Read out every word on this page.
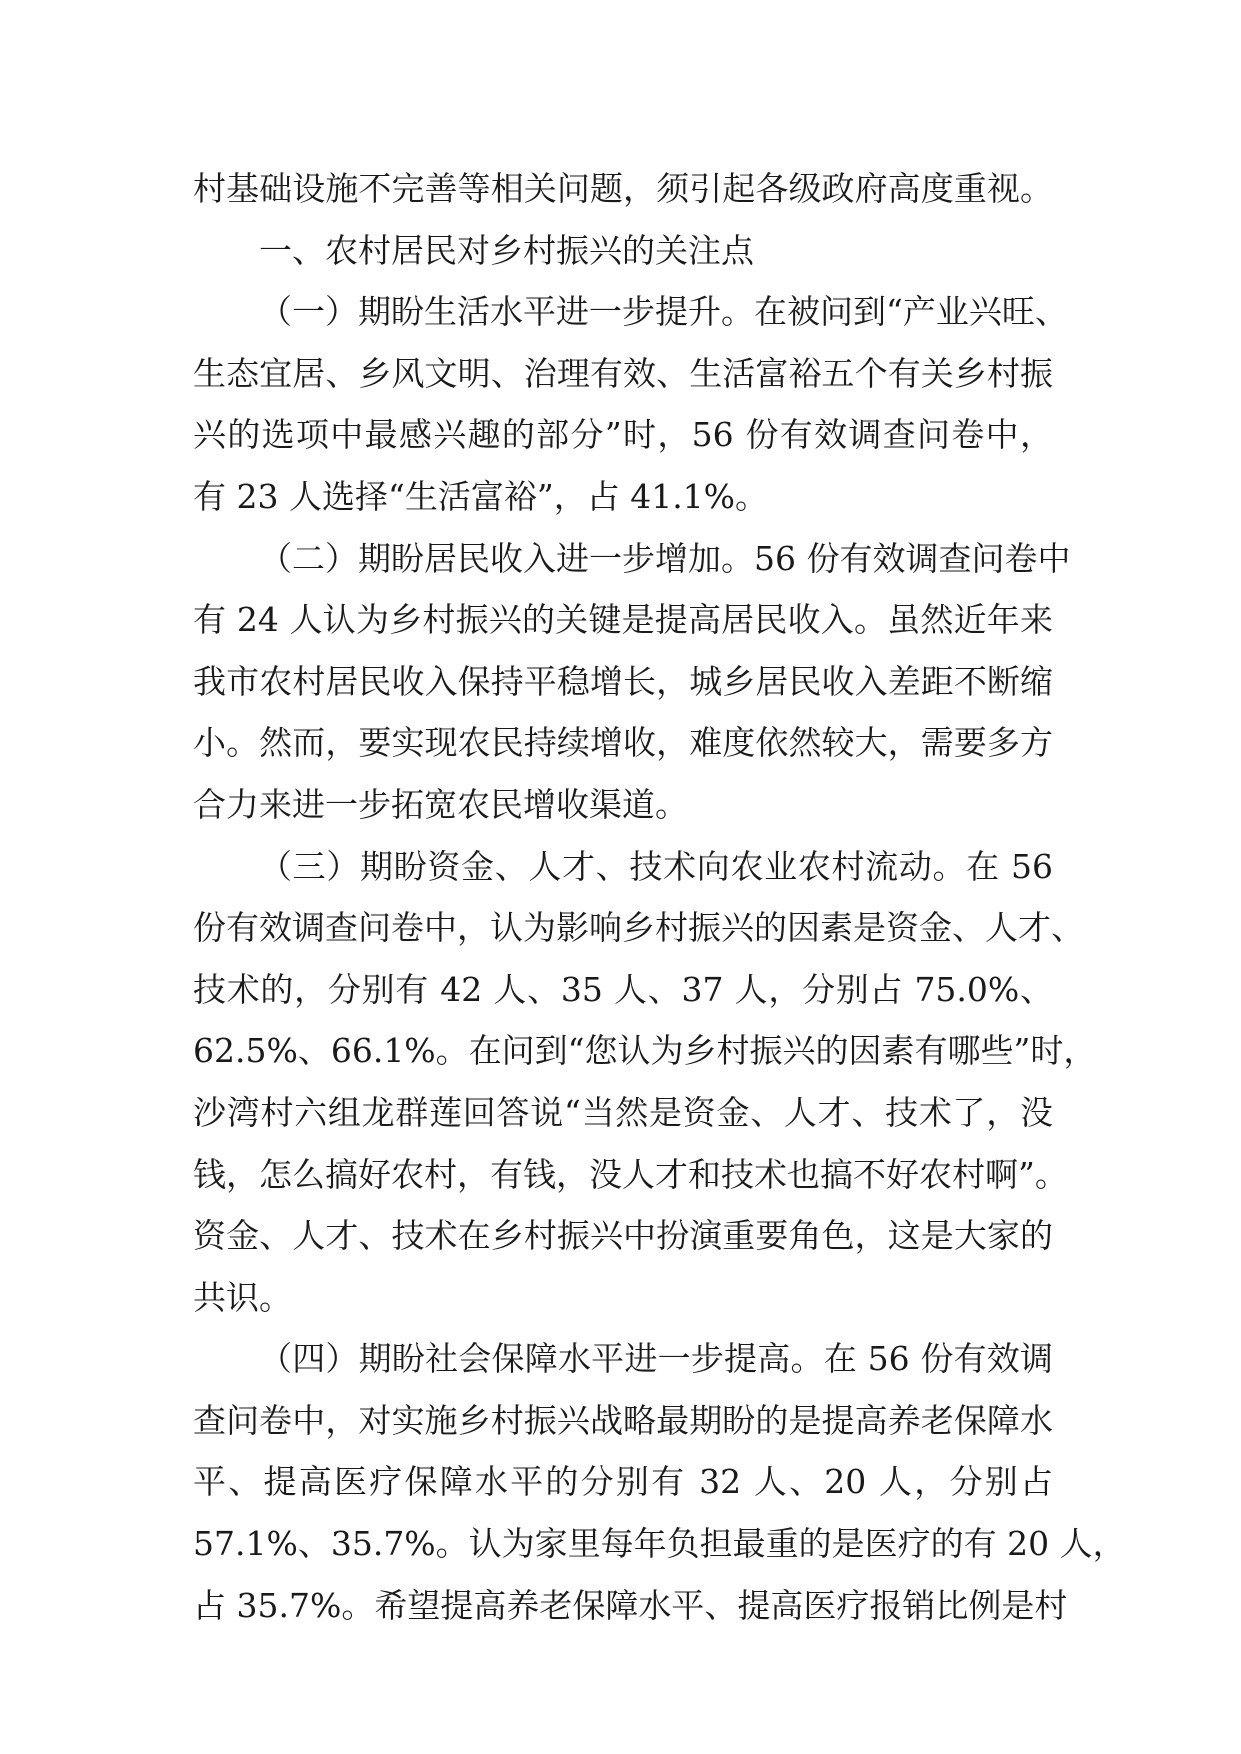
村基础设施不完善等相关问题，须引起各级政府高度重视。
一、农村居民对乡村振兴的关注点
（一）期盼生活水平进一步提升。在被问到“产业兴旺、
生态宜居、乡风文明、治理有效、生活富裕五个有关乡村振
兴的选项中最感兴趣的部分”时，56 份有效调查问卷中，
有 23 人选择“生活富裕”，占 41.1%。
（二）期盼居民收入进一步增加。56 份有效调查问卷中
有 24 人认为乡村振兴的关键是提高居民收入。虽然近年来
我市农村居民收入保持平稳增长，城乡居民收入差距不断缩
小。然而，要实现农民持续增收，难度依然较大，需要多方
合力来进一步拓宽农民增收渠道。
（三）期盼资金、人才、技术向农业农村流动。在 56
份有效调查问卷中，认为影响乡村振兴的因素是资金、人才、
技术的，分别有 42 人、35 人、37 人，分别占 75.0%、
62.5%、66.1%。在问到“您认为乡村振兴的因素有哪些”时，
沙湾村六组龙群莲回答说“当然是资金、人才、技术了，没
钱，怎么搞好农村，有钱，没人才和技术也搞不好农村啊”。
资金、人才、技术在乡村振兴中扮演重要角色，这是大家的
共识。
（四）期盼社会保障水平进一步提高。在 56 份有效调
查问卷中，对实施乡村振兴战略最期盼的是提高养老保障水
平、提高医疗保障水平的分别有 32 人、20 人，分别占
57.1%、35.7%。认为家里每年负担最重的是医疗的有 20 人，
占 35.7%。希望提高养老保障水平、提高医疗报销比例是村
